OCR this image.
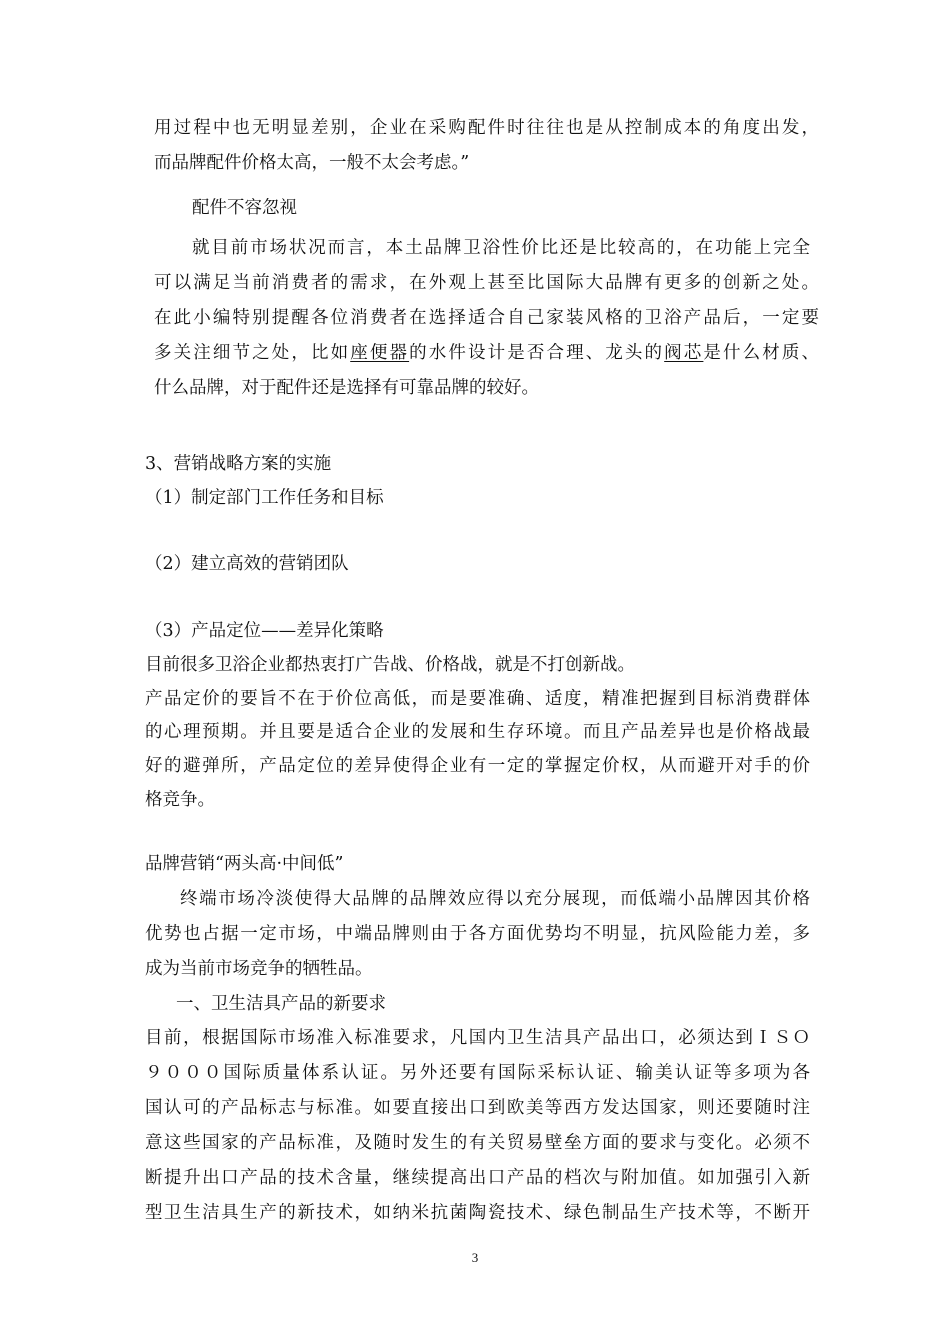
用过程中也无明显差别，企业在采购配件时往往也是从控制成本的角度出发，
而品牌配件价格太高，一般不太会考虑。”
配件不容忽视
就目前市场状况而言，本土品牌卫浴性价比还是比较高的，在功能上完全
可以满足当前消费者的需求，在外观上甚至比国际大品牌有更多的创新之处。
在此小编特别提醒各位消费者在选择适合自己家装风格的卫浴产品后，一定要
多关注细节之处，比如座便器的水件设计是否合理、龙头的阀芯是什么材质、
什么品牌，对于配件还是选择有可靠品牌的较好。
3、营销战略方案的实施
（1）制定部门工作任务和目标
（2）建立高效的营销团队
（3）产品定位——差异化策略
目前很多卫浴企业都热衷打广告战、价格战，就是不打创新战。
产品定价的要旨不在于价位高低，而是要准确、适度，精准把握到目标消费群体
的心理预期。并且要是适合企业的发展和生存环境。而且产品差异也是价格战最
好的避弹所，产品定位的差异使得企业有一定的掌握定价权，从而避开对手的价
格竞争。
品牌营销“两头高·中间低”
终端市场冷淡使得大品牌的品牌效应得以充分展现，而低端小品牌因其价格
优势也占据一定市场，中端品牌则由于各方面优势均不明显，抗风险能力差，多
成为当前市场竞争的牺牲品。
一、卫生洁具产品的新要求
目前，根据国际市场准入标准要求，凡国内卫生洁具产品出口，必须达到ＩＳＯ
９０００国际质量体系认证。另外还要有国际采标认证、输美认证等多项为各
国认可的产品标志与标准。如要直接出口到欧美等西方发达国家，则还要随时注
意这些国家的产品标准，及随时发生的有关贸易壁垒方面的要求与变化。必须不
断提升出口产品的技术含量，继续提高出口产品的档次与附加值。如加强引入新
型卫生洁具生产的新技术，如纳米抗菌陶瓷技术、绿色制品生产技术等，不断开
3
